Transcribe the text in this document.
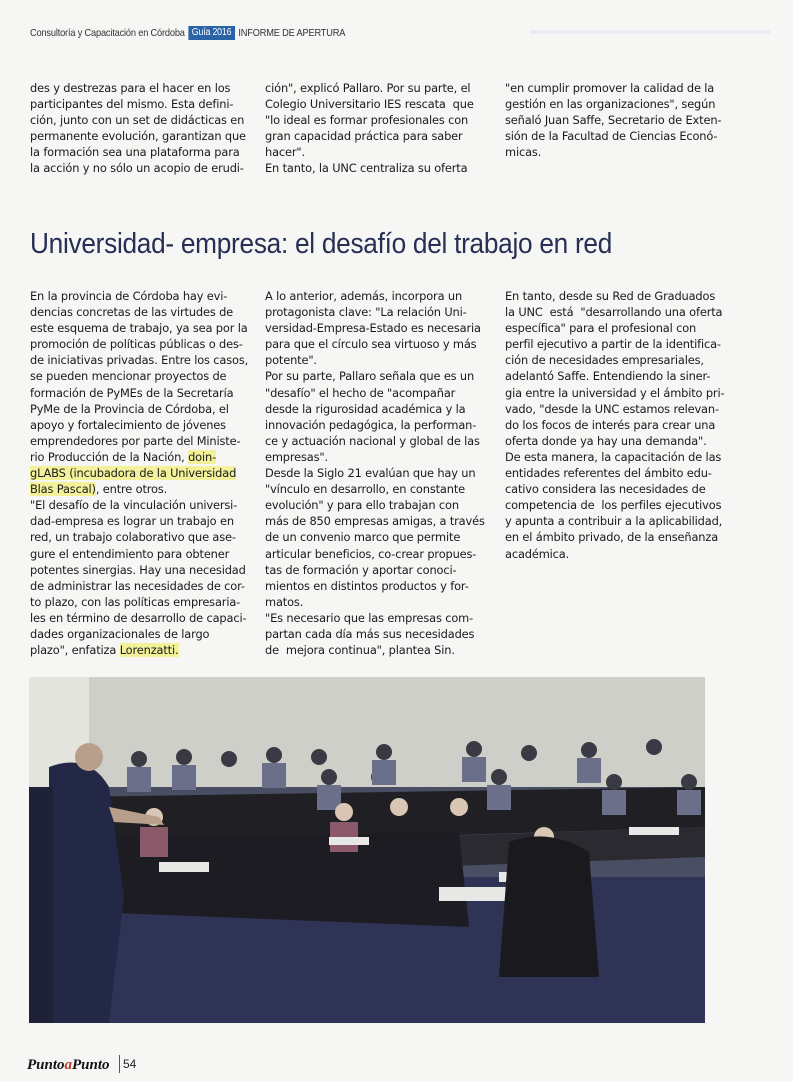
Consultoría y Capacitación en Córdoba Guía 2016 INFORME DE APERTURA

des y destrezas para el hacer en los

participantes del mismo. Esta defini-

ción, junto con un set de didácticas en

permanente evolución, garantizan que

la formación sea una plataforma para

la acción y no sólo un acopio de erudi-

ción", explicó Pallaro. Por su parte, el

Colegio Universitario IES rescata  que

"lo ideal es formar profesionales con

gran capacidad práctica para saber

hacer".

En tanto, la UNC centraliza su oferta

"en cumplir promover la calidad de la

gestión en las organizaciones", según

señaló Juan Saffe, Secretario de Exten-

sión de la Facultad de Ciencias Econó-

micas.

Universidad- empresa: el desafío del trabajo en red

En la provincia de Córdoba hay evi-

dencias concretas de las virtudes de

este esquema de trabajo, ya sea por la

promoción de políticas públicas o des-

de iniciativas privadas. Entre los casos,

se pueden mencionar proyectos de

formación de PyMEs de la Secretaría

PyMe de la Provincia de Córdoba, el

apoyo y fortalecimiento de jóvenes

emprendedores por parte del Ministe-

rio Producción de la Nación, doin-

gLABS (incubadora de la Universidad

Blas Pascal), entre otros.

"El desafío de la vinculación universi-

dad-empresa es lograr un trabajo en

red, un trabajo colaborativo que ase-

gure el entendimiento para obtener

potentes sinergias. Hay una necesidad

de administrar las necesidades de cor-

to plazo, con las políticas empresaria-

les en término de desarrollo de capaci-

dades organizacionales de largo

plazo", enfatiza Lorenzatti.

A lo anterior, además, incorpora un

protagonista clave: "La relación Uni-

versidad-Empresa-Estado es necesaria

para que el círculo sea virtuoso y más

potente".

Por su parte, Pallaro señala que es un

"desafío" el hecho de "acompañar

desde la rigurosidad académica y la

innovación pedagógica, la performan-

ce y actuación nacional y global de las

empresas".

Desde la Siglo 21 evalúan que hay un

"vínculo en desarrollo, en constante

evolución" y para ello trabajan con

más de 850 empresas amigas, a través

de un convenio marco que permite

articular beneficios, co-crear propues-

tas de formación y aportar conoci-

mientos en distintos productos y for-

matos.

"Es necesario que las empresas com-

partan cada día más sus necesidades

de  mejora continua", plantea Sin.

En tanto, desde su Red de Graduados

la UNC  está  "desarrollando una oferta

específica" para el profesional con

perfil ejecutivo a partir de la identifica-

ción de necesidades empresariales,

adelantó Saffe. Entendiendo la siner-

gia entre la universidad y el ámbito pri-

vado, "desde la UNC estamos relevan-

do los focos de interés para crear una

oferta donde ya hay una demanda".

De esta manera, la capacitación de las

entidades referentes del ámbito edu-

cativo considera las necesidades de

competencia de  los perfiles ejecutivos

y apunta a contribuir a la aplicabilidad,

en el ámbito privado, de la enseñanza

académica.

PuntoaPunto 54
